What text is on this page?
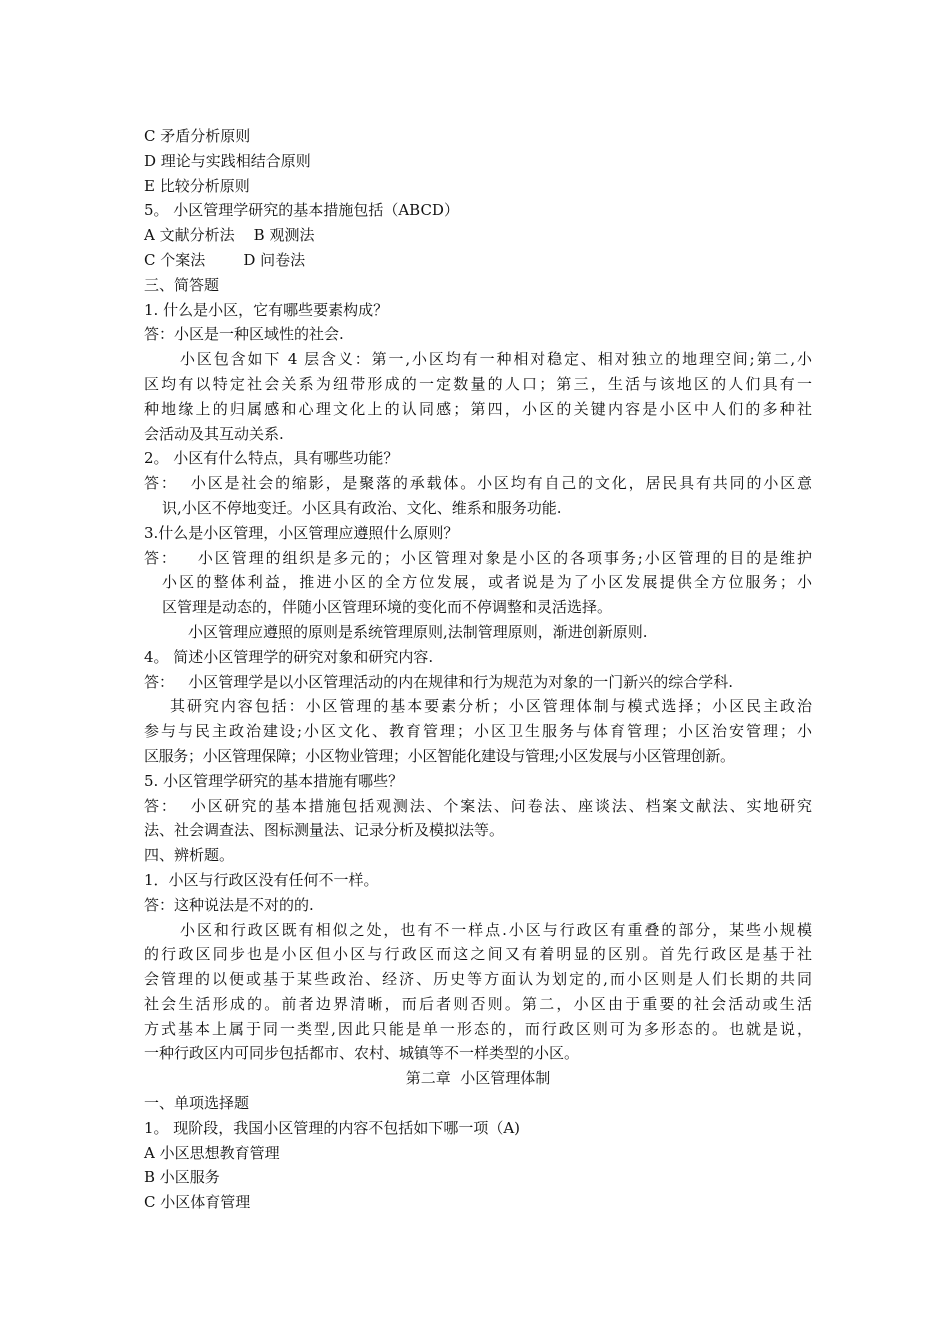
C 矛盾分析原则
D 理论与实践相结合原则
E 比较分析原则
5。 小区管理学研究的基本措施包括（ABCD）
A 文献分析法    B 观测法
C 个案法        D 问卷法
三、简答题
1. 什么是小区，它有哪些要素构成？
答：小区是一种区域性的社会.
小区包含如下 4 层含义：第一,小区均有一种相对稳定、相对独立的地理空间;第二,小
区均有以特定社会关系为纽带形成的一定数量的人口；第三，生活与该地区的人们具有一
种地缘上的归属感和心理文化上的认同感；第四，小区的关键内容是小区中人们的多种社
会活动及其互动关系.
2。 小区有什么特点，具有哪些功能？
答：  小区是社会的缩影，是聚落的承载体。小区均有自己的文化，居民具有共同的小区意
识,小区不停地变迁。小区具有政治、文化、维系和服务功能.
3.什么是小区管理，小区管理应遵照什么原则？
答：   小区管理的组织是多元的；小区管理对象是小区的各项事务;小区管理的目的是维护
小区的整体利益，推进小区的全方位发展，或者说是为了小区发展提供全方位服务；小
区管理是动态的，伴随小区管理环境的变化而不停调整和灵活选择。
小区管理应遵照的原则是系统管理原则,法制管理原则，渐进创新原则.
4。 简述小区管理学的研究对象和研究内容.
答：   小区管理学是以小区管理活动的内在规律和行为规范为对象的一门新兴的综合学科.
其研究内容包括：小区管理的基本要素分析；小区管理体制与模式选择；小区民主政治
参与与民主政治建设;小区文化、教育管理；小区卫生服务与体育管理；小区治安管理；小
区服务；小区管理保障；小区物业管理；小区智能化建设与管理;小区发展与小区管理创新。
5. 小区管理学研究的基本措施有哪些？
答：  小区研究的基本措施包括观测法、个案法、问卷法、座谈法、档案文献法、实地研究
法、社会调查法、图标测量法、记录分析及模拟法等。
四、辨析题。
1．小区与行政区没有任何不一样。
答：这种说法是不对的的.
小区和行政区既有相似之处，也有不一样点.小区与行政区有重叠的部分，某些小规模
的行政区同步也是小区但小区与行政区而这之间又有着明显的区别。首先行政区是基于社
会管理的以便或基于某些政治、经济、历史等方面认为划定的,而小区则是人们长期的共同
社会生活形成的。前者边界清晰，而后者则否则。第二，小区由于重要的社会活动或生活
方式基本上属于同一类型,因此只能是单一形态的，而行政区则可为多形态的。也就是说，
一种行政区内可同步包括都市、农村、城镇等不一样类型的小区。
第二章  小区管理体制
一、单项选择题
1。 现阶段，我国小区管理的内容不包括如下哪一项（A)
A 小区思想教育管理
B 小区服务
C 小区体育管理
